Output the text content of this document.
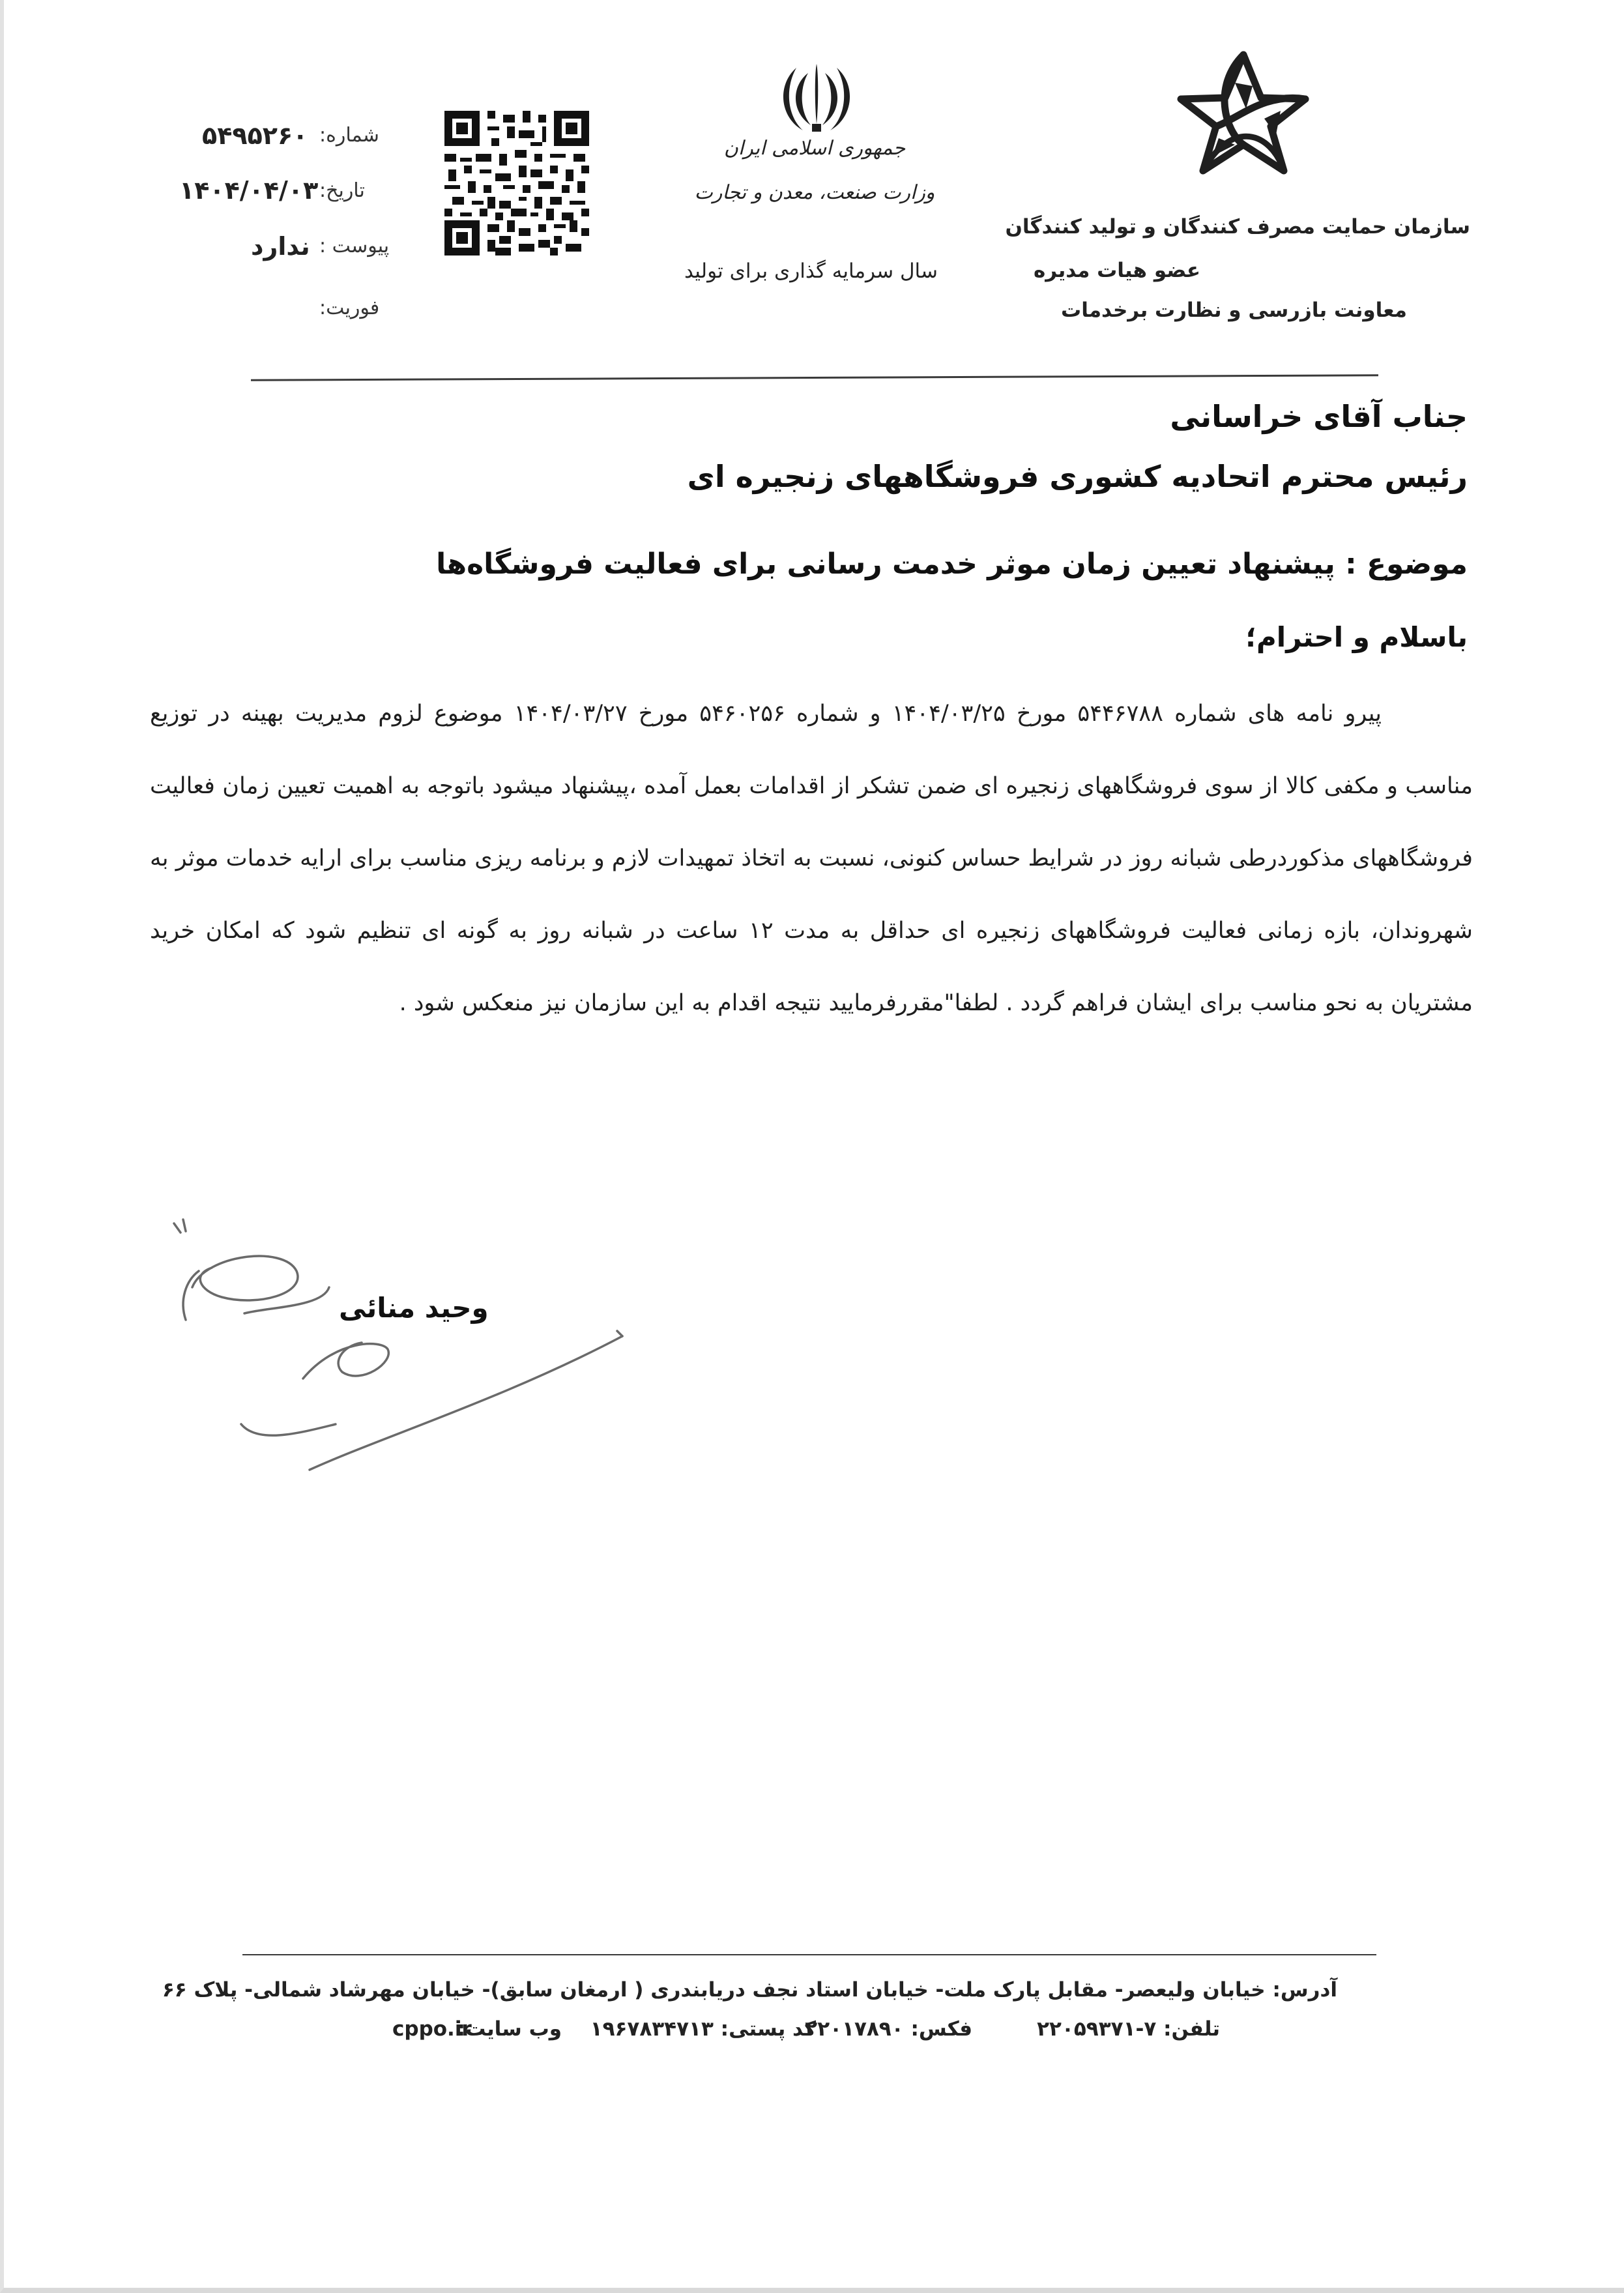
سازمان حمایت مصرف کنندگان و تولید کنندگان
عضو هیات مدیره
معاونت بازرسی و نظارت برخدمات
جمهوری اسلامی ایران
وزارت صنعت، معدن و تجارت
سال سرمایه گذاری برای تولید
شماره:
۵۴۹۵۲۶۰
تاریخ:
۱۴۰۴/۰۴/۰۳
پیوست :
ندارد
فوریت:
جناب آقای خراسانی
رئیس محترم اتحادیه کشوری فروشگاههای زنجیره ای
موضوع : پیشنهاد تعیین زمان موثر خدمت رسانی برای فعالیت فروشگاه‌ها
باسلام و احترام؛

پیرو نامه های شماره ۵۴۴۶۷۸۸ مورخ ۱۴۰۴/۰۳/۲۵ و شماره ۵۴۶۰۲۵۶ مورخ ۱۴۰۴/۰۳/۲۷ موضوع لزوم مدیریت بهینه در توزیع مناسب و مکفی کالا از سوی فروشگاههای زنجیره ای ضمن تشکر از اقدامات بعمل آمده ،پیشنهاد میشود باتوجه به اهمیت تعیین زمان فعالیت فروشگاههای مذکوردرطی شبانه روز در شرایط حساس کنونی، نسبت به اتخاذ تمهیدات لازم و برنامه ریزی مناسب برای ارایه خدمات موثر به شهروندان، بازه زمانی فعالیت فروشگاههای زنجیره ای حداقل به مدت ۱۲ ساعت در شبانه روز به گونه ای تنظیم شود که امکان خرید مشتریان به نحو مناسب برای ایشان فراهم گردد . لطفا"مقررفرمایید نتیجه اقدام به این سازمان نیز منعکس شود .

وحید منائی
آدرس: خیابان ولیعصر- مقابل پارک ملت- خیابان استاد نجف دریابندری ( ارمغان سابق)- خیابان مهرشاد شمالی- پلاک ۶۶
تلفن: ۷-۲۲۰۵۹۳۷۱
فکس: ۲۲۰۱۷۸۹۰
کد پستی: ۱۹۶۷۸۳۴۷۱۳
وب سایت:
cppo.ir
